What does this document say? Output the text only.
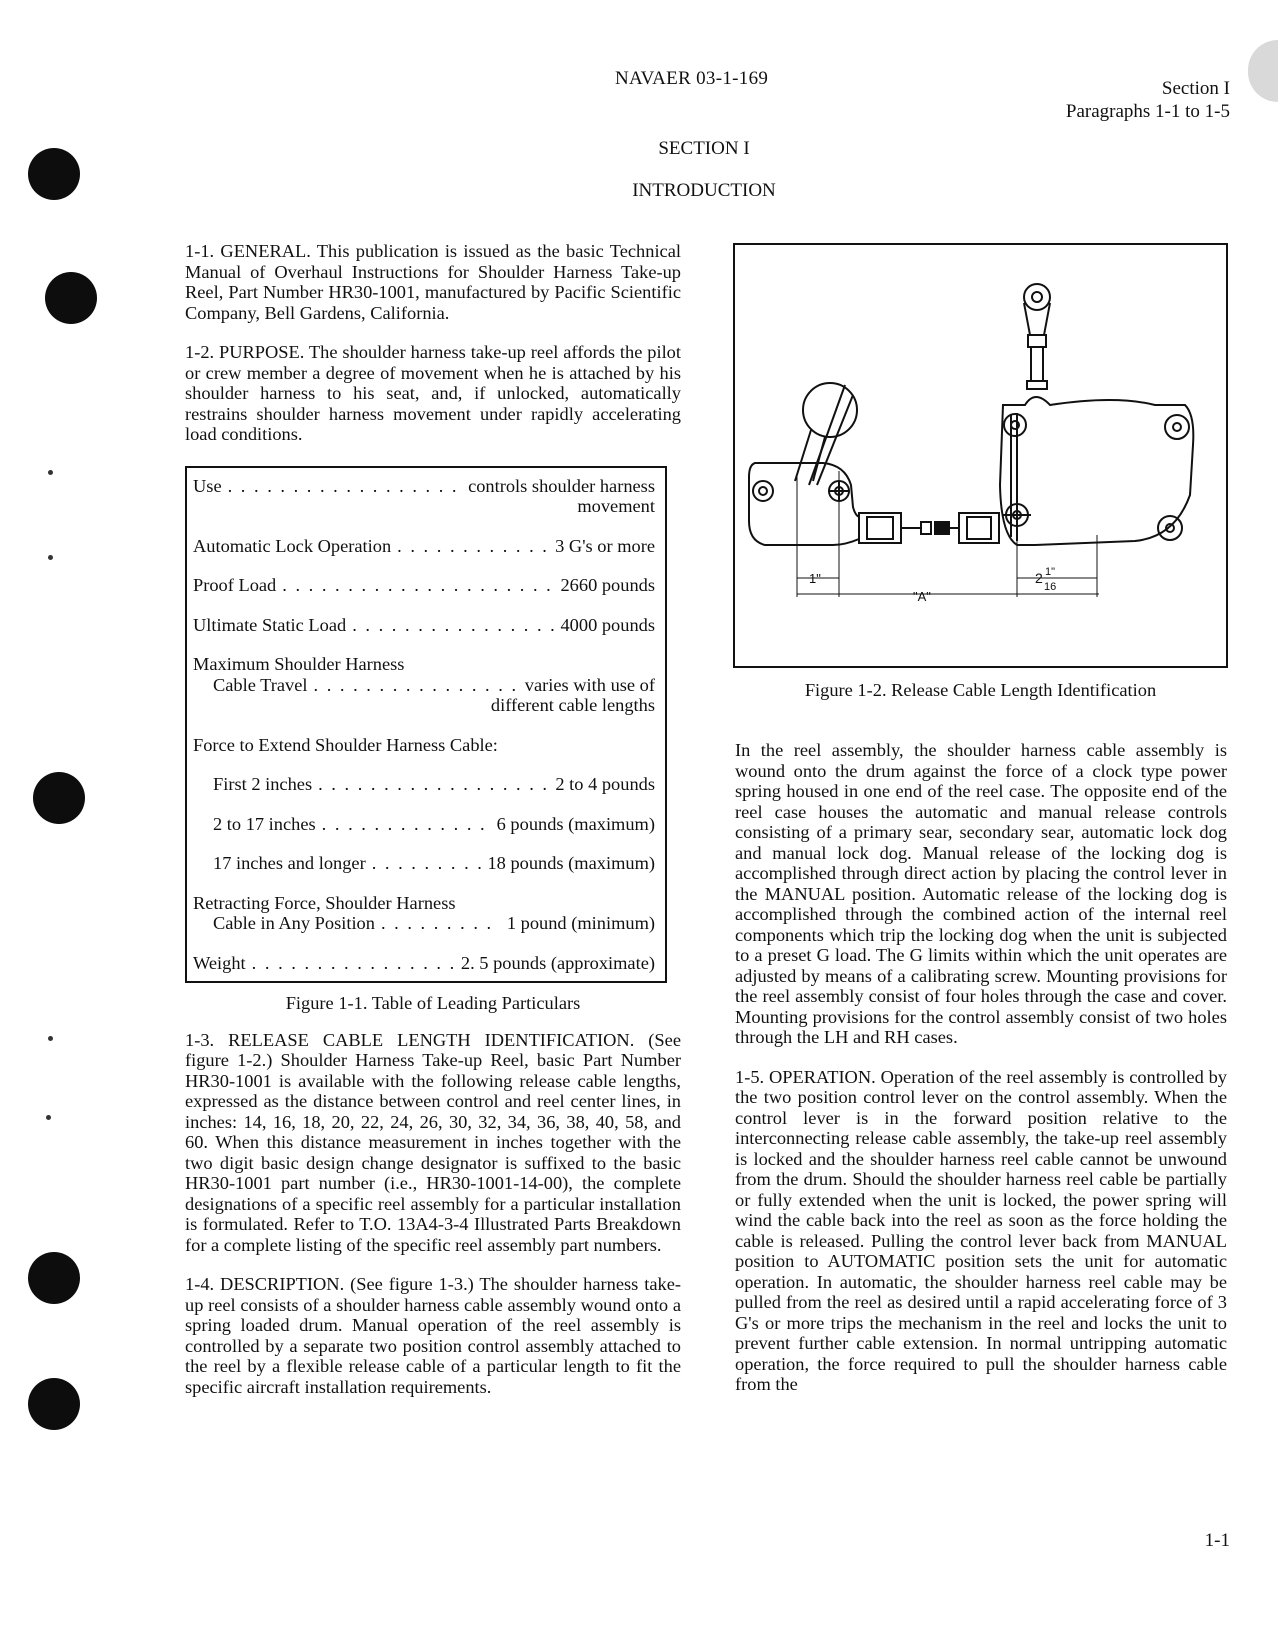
NAVAER 03-1-169	Section I
Paragraphs 1-1 to 1-5
SECTION I
INTRODUCTION

1-1. GENERAL. This publication is issued as the basic Technical Manual of Overhaul Instructions for Shoulder Harness Take-up Reel, Part Number HR30-1001, manufactured by Pacific Scientific Company, Bell Gardens, California.

1-2. PURPOSE. The shoulder harness take-up reel affords the pilot or crew member a degree of movement when he is attached by his shoulder harness to his seat, and, if unlocked, automatically restrains shoulder harness movement under rapidly accelerating load conditions.

Use . . .	controls shoulder harness
movement
Automatic Lock Operation . . .	3 G's or more
Proof Load . . .	2660 pounds
Ultimate Static Load . . .	4000 pounds
Maximum Shoulder Harness
Cable Travel . . .	varies with use of
different cable lengths
Force to Extend Shoulder Harness Cable:
First 2 inches . . .	2 to 4 pounds
2 to 17 inches . . .	6 pounds (maximum)
17 inches and longer . . .	18 pounds (maximum)
Retracting Force, Shoulder Harness
Cable in Any Position . . .	1 pound (minimum)
Weight . . .	2. 5 pounds (approximate)
Figure 1-1. Table of Leading Particulars

1-3. RELEASE CABLE LENGTH IDENTIFICATION. (See figure 1-2.) Shoulder Harness Take-up Reel, basic Part Number HR30-1001 is available with the following release cable lengths, expressed as the distance between control and reel center lines, in inches: 14, 16, 18, 20, 22, 24, 26, 30, 32, 34, 36, 38, 40, 58, and 60. When this distance measurement in inches together with the two digit basic design change designator is suffixed to the basic HR30-1001 part number (i.e., HR30-1001-14-00), the complete designations of a specific reel assembly for a particular installation is formulated. Refer to T.O. 13A4-3-4 Illustrated Parts Breakdown for a complete listing of the specific reel assembly part numbers.

1-4. DESCRIPTION. (See figure 1-3.) The shoulder harness take-up reel consists of a shoulder harness cable assembly wound onto a spring loaded drum. Manual operation of the reel assembly is controlled by a separate two position control assembly attached to the reel by a flexible release cable of a particular length to fit the specific aircraft installation requirements.

1"
"A"
2 1"
16
Figure 1-2. Release Cable Length Identification

In the reel assembly, the shoulder harness cable assembly is wound onto the drum against the force of a clock type power spring housed in one end of the reel case. The opposite end of the reel case houses the automatic and manual release controls consisting of a primary sear, secondary sear, automatic lock dog and manual lock dog. Manual release of the locking dog is accomplished through direct action by placing the control lever in the MANUAL position. Automatic release of the locking dog is accomplished through the combined action of the internal reel components which trip the locking dog when the unit is subjected to a preset G load. The G limits within which the unit operates are adjusted by means of a calibrating screw. Mounting provisions for the reel assembly consist of four holes through the case and cover. Mounting provisions for the control assembly consist of two holes through the LH and RH cases.

1-5. OPERATION. Operation of the reel assembly is controlled by the two position control lever on the control assembly. When the control lever is in the forward position relative to the interconnecting release cable assembly, the take-up reel assembly is locked and the shoulder harness reel cable cannot be unwound from the drum. Should the shoulder harness reel cable be partially or fully extended when the unit is locked, the power spring will wind the cable back into the reel as soon as the force holding the cable is released. Pulling the control lever back from MANUAL position to AUTOMATIC position sets the unit for automatic operation. In automatic, the shoulder harness reel cable may be pulled from the reel as desired until a rapid accelerating force of 3 G's or more trips the mechanism in the reel and locks the unit to prevent further cable extension. In normal untripping automatic operation, the force required to pull the shoulder harness cable from the

1-1
